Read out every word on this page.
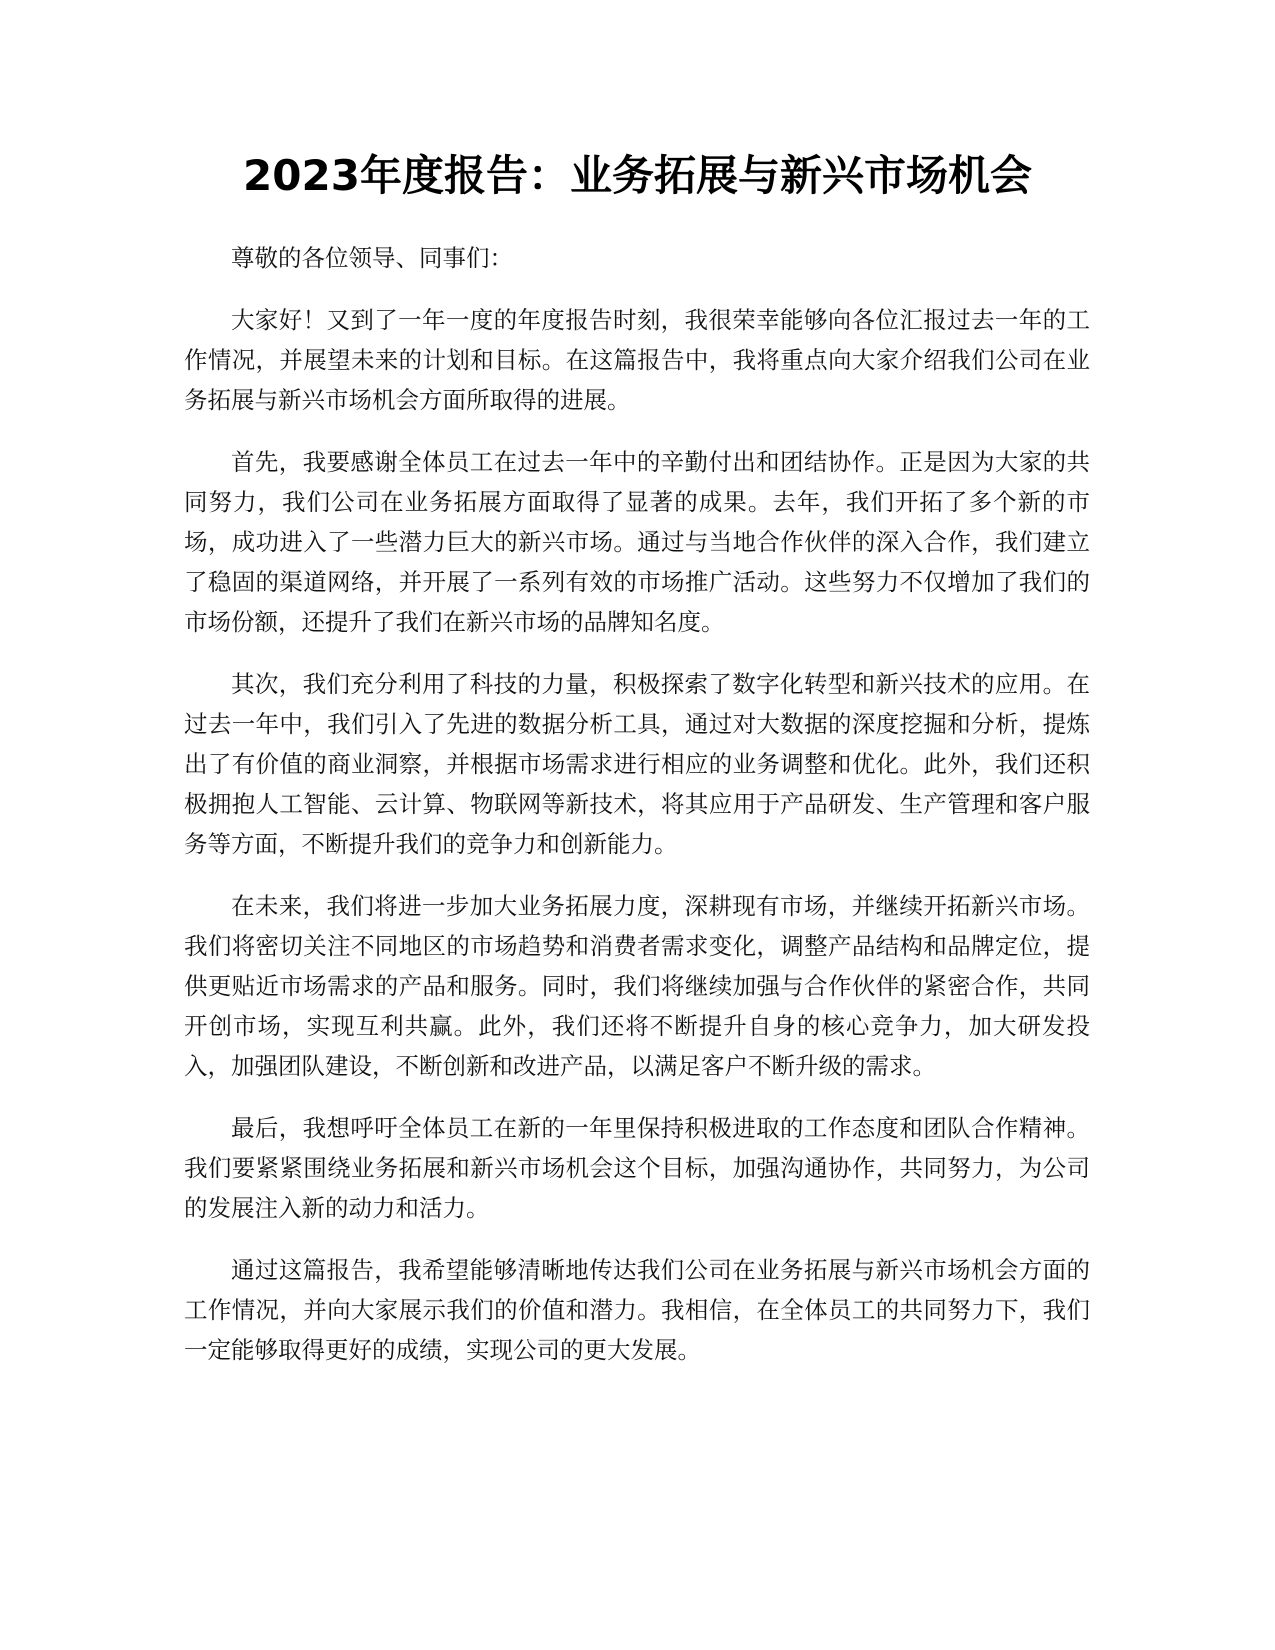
2023年度报告：业务拓展与新兴市场机会

尊敬的各位领导、同事们：

大家好！又到了一年一度的年度报告时刻，我很荣幸能够向各位汇报过去一年的工作情况，并展望未来的计划和目标。在这篇报告中，我将重点向大家介绍我们公司在业务拓展与新兴市场机会方面所取得的进展。

首先，我要感谢全体员工在过去一年中的辛勤付出和团结协作。正是因为大家的共同努力，我们公司在业务拓展方面取得了显著的成果。去年，我们开拓了多个新的市场，成功进入了一些潜力巨大的新兴市场。通过与当地合作伙伴的深入合作，我们建立了稳固的渠道网络，并开展了一系列有效的市场推广活动。这些努力不仅增加了我们的市场份额，还提升了我们在新兴市场的品牌知名度。

其次，我们充分利用了科技的力量，积极探索了数字化转型和新兴技术的应用。在过去一年中，我们引入了先进的数据分析工具，通过对大数据的深度挖掘和分析，提炼出了有价值的商业洞察，并根据市场需求进行相应的业务调整和优化。此外，我们还积极拥抱人工智能、云计算、物联网等新技术，将其应用于产品研发、生产管理和客户服务等方面，不断提升我们的竞争力和创新能力。

在未来，我们将进一步加大业务拓展力度，深耕现有市场，并继续开拓新兴市场。我们将密切关注不同地区的市场趋势和消费者需求变化，调整产品结构和品牌定位，提供更贴近市场需求的产品和服务。同时，我们将继续加强与合作伙伴的紧密合作，共同开创市场，实现互利共赢。此外，我们还将不断提升自身的核心竞争力，加大研发投入，加强团队建设，不断创新和改进产品，以满足客户不断升级的需求。

最后，我想呼吁全体员工在新的一年里保持积极进取的工作态度和团队合作精神。我们要紧紧围绕业务拓展和新兴市场机会这个目标，加强沟通协作，共同努力，为公司的发展注入新的动力和活力。

通过这篇报告，我希望能够清晰地传达我们公司在业务拓展与新兴市场机会方面的工作情况，并向大家展示我们的价值和潜力。我相信，在全体员工的共同努力下，我们一定能够取得更好的成绩，实现公司的更大发展。
